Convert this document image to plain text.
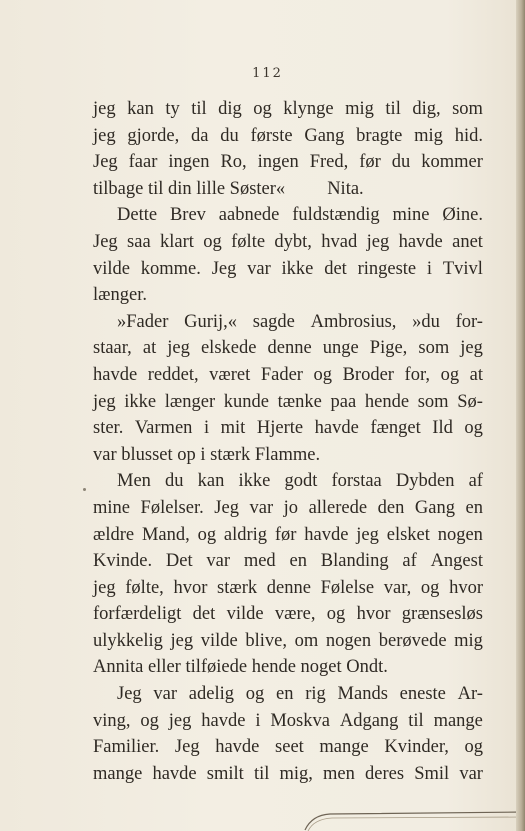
112
jeg kan ty til dig og klynge mig til dig, som
jeg gjorde, da du første Gang bragte mig hid.
Jeg faar ingen Ro, ingen Fred, før du kommer
tilbage til din lille Søster« Nita.
Dette Brev aabnede fuldstændig mine Øine.
Jeg saa klart og følte dybt, hvad jeg havde anet
vilde komme. Jeg var ikke det ringeste i Tvivl
længer.
»Fader Gurij,« sagde Ambrosius, »du for-
staar, at jeg elskede denne unge Pige, som jeg
havde reddet, været Fader og Broder for, og at
jeg ikke længer kunde tænke paa hende som Sø-
ster. Varmen i mit Hjerte havde fænget Ild og
var blusset op i stærk Flamme.
Men du kan ikke godt forstaa Dybden af
mine Følelser. Jeg var jo allerede den Gang en
ældre Mand, og aldrig før havde jeg elsket nogen
Kvinde. Det var med en Blanding af Angest
jeg følte, hvor stærk denne Følelse var, og hvor
forfærdeligt det vilde være, og hvor grænsesløs
ulykkelig jeg vilde blive, om nogen berøvede mig
Annita eller tilføiede hende noget Ondt.
Jeg var adelig og en rig Mands eneste Ar-
ving, og jeg havde i Moskva Adgang til mange
Familier. Jeg havde seet mange Kvinder, og
mange havde smilt til mig, men deres Smil var
